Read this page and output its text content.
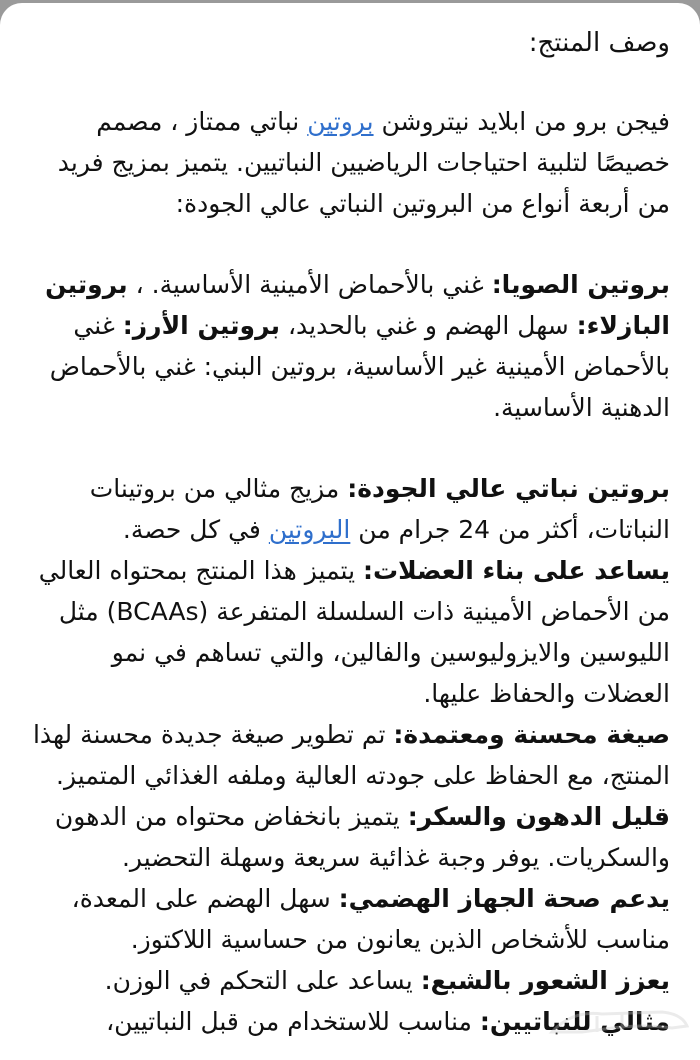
وصف المنتج:

فيجن برو من ابلايد نيتروشن بروتين نباتي ممتاز ، مصمم خصيصًا لتلبية احتياجات الرياضيين النباتيين. يتميز بمزيج فريد من أربعة أنواع من البروتين النباتي عالي الجودة:

بروتين الصويا: غني بالأحماض الأمينية الأساسية. ، بروتين البازلاء: سهل الهضم و غني بالحديد، بروتين الأرز: غني بالأحماض الأمينية غير الأساسية، بروتين البني: غني بالأحماض الدهنية الأساسية.

بروتين نباتي عالي الجودة: مزيج مثالي من بروتينات النباتات، أكثر من 24 جرام من البروتين في كل حصة.

يساعد على بناء العضلات: يتميز هذا المنتج بمحتواه العالي من الأحماض الأمينية ذات السلسلة المتفرعة (BCAAs) مثل الليوسين والايزوليوسين والفالين، والتي تساهم في نمو العضلات والحفاظ عليها.

صيغة محسنة ومعتمدة: تم تطوير صيغة جديدة محسنة لهذا المنتج، مع الحفاظ على جودته العالية وملفه الغذائي المتميز.

قليل الدهون والسكر: يتميز بانخفاض محتواه من الدهون والسكريات. يوفر وجبة غذائية سريعة وسهلة التحضير.

يدعم صحة الجهاز الهضمي: سهل الهضم على المعدة، مناسب للأشخاص الذين يعانون من حساسية اللاكتوز.

يعزز الشعور بالشبع: يساعد على التحكم في الوزن.

مثالي للنباتيين: مناسب للاستخدام من قبل النباتيين،
